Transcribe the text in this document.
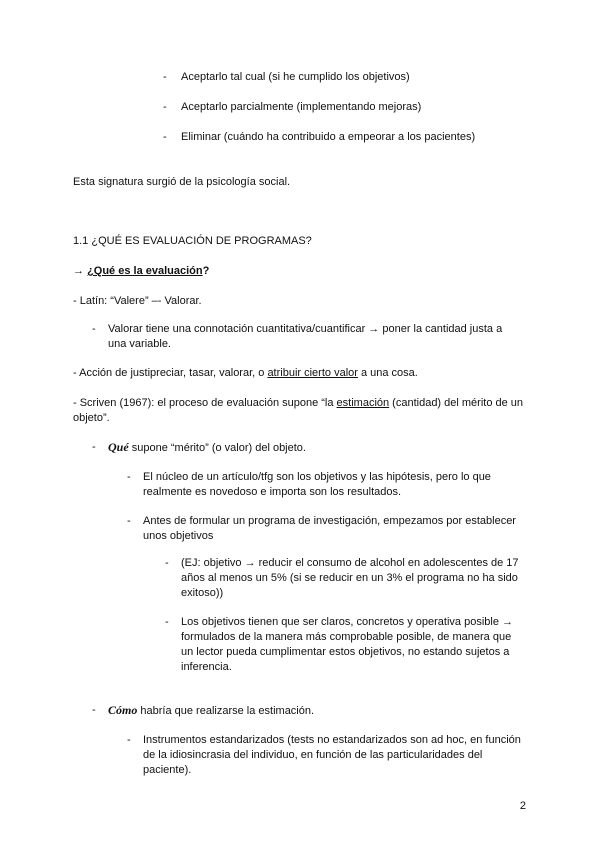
- Aceptarlo tal cual (si he cumplido los objetivos)

- Aceptarlo parcialmente (implementando mejoras)

- Eliminar (cuándo ha contribuido a empeorar a los pacientes)

Esta signatura surgió de la psicología social.

1.1 ¿QUÉ ES EVALUACIÓN DE PROGRAMAS?

→ ¿Qué es la evaluación?

- Latín: “Valere” –- Valorar.

- Valorar tiene una connotación cuantitativa/cuantificar → poner la cantidad justa a

una variable.

- Acción de justipreciar, tasar, valorar, o atribuir cierto valor a una cosa.

- Scriven (1967): el proceso de evaluación supone “la estimación (cantidad) del mérito de un

objeto”.

- Qué supone “mérito” (o valor) del objeto.

- El núcleo de un artículo/tfg son los objetivos y las hipótesis, pero lo que

realmente es novedoso e importa son los resultados.

- Antes de formular un programa de investigación, empezamos por establecer

unos objetivos

- (EJ: objetivo → reducir el consumo de alcohol en adolescentes de 17

años al menos un 5% (si se reducir en un 3% el programa no ha sido

exitoso))

- Los objetivos tienen que ser claros, concretos y operativa posible →

formulados de la manera más comprobable posible, de manera que

un lector pueda cumplimentar estos objetivos, no estando sujetos a

inferencia.

- Cómo habría que realizarse la estimación.

- Instrumentos estandarizados (tests no estandarizados son ad hoc, en función

de la idiosincrasia del individuo, en función de las particularidades del

paciente).

2
